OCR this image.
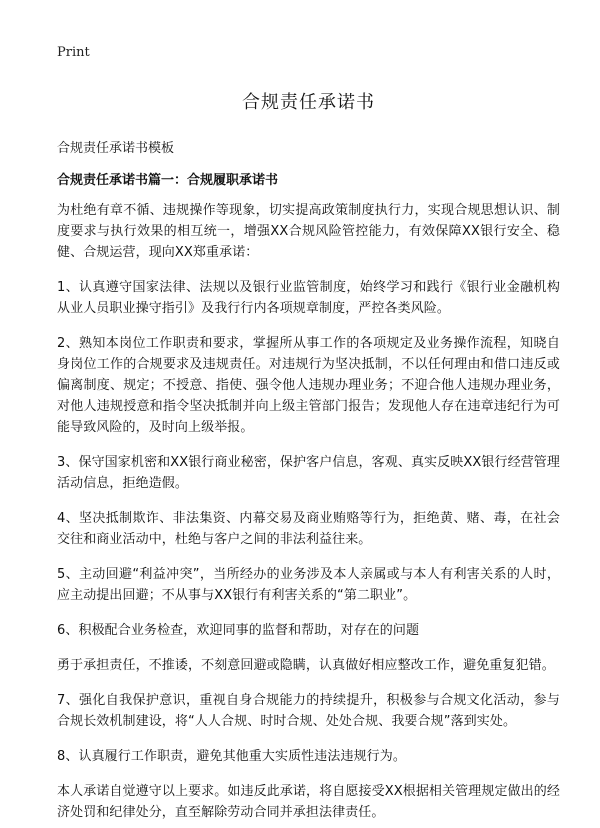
Print
合规责任承诺书

合规责任承诺书模板

合规责任承诺书篇一：合规履职承诺书

为杜绝有章不循、违规操作等现象，切实提高政策制度执行力，实现合规思想认识、制度要求与执行效果的相互统一，增强XX合规风险管控能力，有效保障XX银行安全、稳健、合规运营，现向XX郑重承诺：

1、认真遵守国家法律、法规以及银行业监管制度，始终学习和践行《银行业金融机构从业人员职业操守指引》及我行行内各项规章制度，严控各类风险。

2、熟知本岗位工作职责和要求，掌握所从事工作的各项规定及业务操作流程，知晓自身岗位工作的合规要求及违规责任。对违规行为坚决抵制，不以任何理由和借口违反或偏离制度、规定；不授意、指使、强令他人违规办理业务；不迎合他人违规办理业务，对他人违规授意和指令坚决抵制并向上级主管部门报告；发现他人存在违章违纪行为可能导致风险的，及时向上级举报。

3、保守国家机密和XX银行商业秘密，保护客户信息，客观、真实反映XX银行经营管理活动信息，拒绝造假。

4、坚决抵制欺诈、非法集资、内幕交易及商业贿赂等行为，拒绝黄、赌、毒，在社会交往和商业活动中，杜绝与客户之间的非法利益往来。

5、主动回避“利益冲突”，当所经办的业务涉及本人亲属或与本人有利害关系的人时，应主动提出回避；不从事与XX银行有利害关系的“第二职业”。

6、积极配合业务检查，欢迎同事的监督和帮助，对存在的问题

勇于承担责任，不推诿，不刻意回避或隐瞒，认真做好相应整改工作，避免重复犯错。

7、强化自我保护意识，重视自身合规能力的持续提升，积极参与合规文化活动，参与合规长效机制建设，将“人人合规、时时合规、处处合规、我要合规”落到实处。

8、认真履行工作职责，避免其他重大实质性违法违规行为。

本人承诺自觉遵守以上要求。如违反此承诺，将自愿接受XX根据相关管理规定做出的经济处罚和纪律处分，直至解除劳动合同并承担法律责任。
